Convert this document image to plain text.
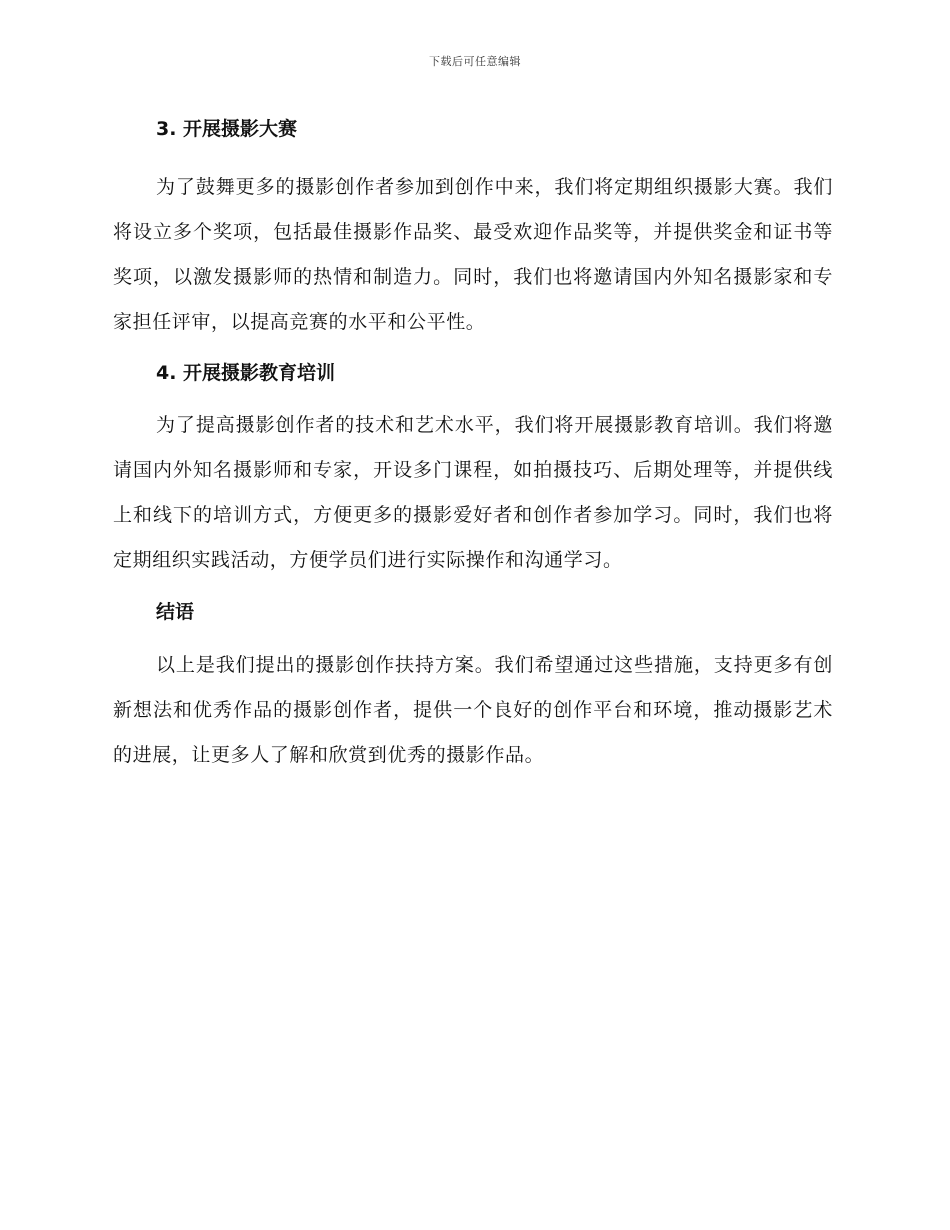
下载后可任意编辑
3. 开展摄影大赛

为了鼓舞更多的摄影创作者参加到创作中来，我们将定期组织摄影大赛。我们将设立多个奖项，包括最佳摄影作品奖、最受欢迎作品奖等，并提供奖金和证书等奖项，以激发摄影师的热情和制造力。同时，我们也将邀请国内外知名摄影家和专家担任评审，以提高竞赛的水平和公平性。

4. 开展摄影教育培训

为了提高摄影创作者的技术和艺术水平，我们将开展摄影教育培训。我们将邀请国内外知名摄影师和专家，开设多门课程，如拍摄技巧、后期处理等，并提供线上和线下的培训方式，方便更多的摄影爱好者和创作者参加学习。同时，我们也将定期组织实践活动，方便学员们进行实际操作和沟通学习。

结语

以上是我们提出的摄影创作扶持方案。我们希望通过这些措施，支持更多有创新想法和优秀作品的摄影创作者，提供一个良好的创作平台和环境，推动摄影艺术的进展，让更多人了解和欣赏到优秀的摄影作品。
